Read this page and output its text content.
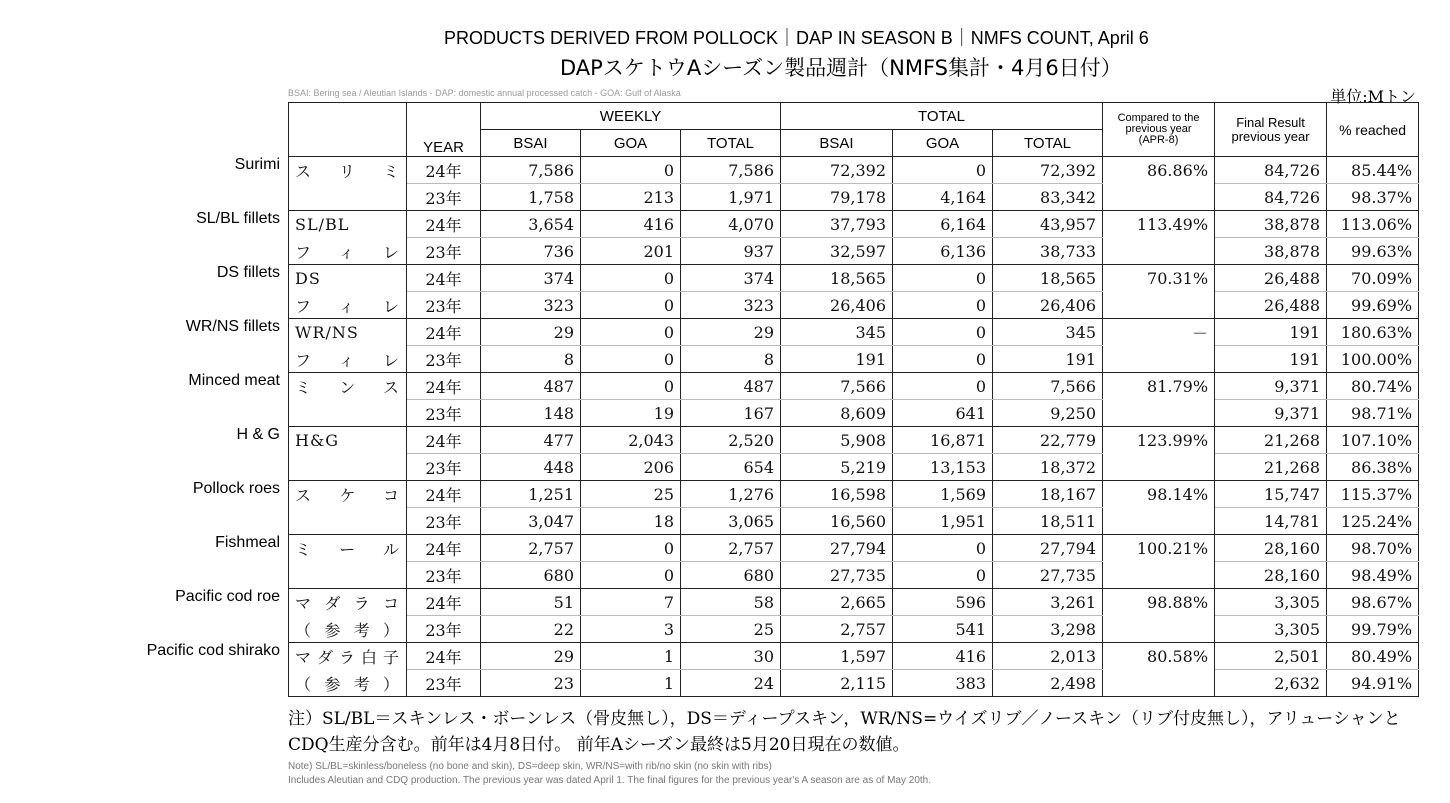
PRODUCTS DERIVED FROM POLLOCK｜DAP IN SEASON B｜NMFS COUNT, April 6
DAPスケトウAシーズン製品週計（NMFS集計・4月6日付）
BSAI: Bering sea / Aleutian Islands - DAP: domestic annual processed catch - GOA: Gulf of Alaska	単位:Mトン
Surimi
SL/BL fillets
DS fillets
WR/NS fillets
Minced meat
H & G
Pollock roes
Fishmeal
Pacific cod roe
Pacific cod shirako
	YEAR	WEEKLY			TOTAL			Compared to the previous year (APR-8)	Final Result previous year	% reached
		BSAI	GOA	TOTAL	BSAI	GOA	TOTAL			
スリミ	24年	7,586	0	7,586	72,392	0	72,392	86.86%	84,726	85.44%
	23年	1,758	213	1,971	79,178	4,164	83,342		84,726	98.37%
SL/BL	24年	3,654	416	4,070	37,793	6,164	43,957	113.49%	38,878	113.06%
フィレ	23年	736	201	937	32,597	6,136	38,733		38,878	99.63%
DS	24年	374	0	374	18,565	0	18,565	70.31%	26,488	70.09%
フィレ	23年	323	0	323	26,406	0	26,406		26,488	99.69%
WR/NS	24年	29	0	29	345	0	345	－	191	180.63%
フィレ	23年	8	0	8	191	0	191		191	100.00%
ミンス	24年	487	0	487	7,566	0	7,566	81.79%	9,371	80.74%
	23年	148	19	167	8,609	641	9,250		9,371	98.71%
H&G	24年	477	2,043	2,520	5,908	16,871	22,779	123.99%	21,268	107.10%
	23年	448	206	654	5,219	13,153	18,372		21,268	86.38%
スケコ	24年	1,251	25	1,276	16,598	1,569	18,167	98.14%	15,747	115.37%
	23年	3,047	18	3,065	16,560	1,951	18,511		14,781	125.24%
ミール	24年	2,757	0	2,757	27,794	0	27,794	100.21%	28,160	98.70%
	23年	680	0	680	27,735	0	27,735		28,160	98.49%
マダラコ	24年	51	7	58	2,665	596	3,261	98.88%	3,305	98.67%
（参考）	23年	22	3	25	2,757	541	3,298		3,305	99.79%
マダラ白子	24年	29	1	30	1,597	416	2,013	80.58%	2,501	80.49%
（参考）	23年	23	1	24	2,115	383	2,498		2,632	94.91%
注）SL/BL＝スキンレス・ボーンレス（骨皮無し），DS＝ディープスキン，WR/NS=ウイズリブ／ノースキン（リブ付皮無し），アリューシャンとCDQ生産分含む。前年は4月8日付。 前年Aシーズン最終は5月20日現在の数値。
Note) SL/BL=skinless/boneless (no bone and skin), DS=deep skin, WR/NS=with rib/no skin (no skin with ribs)
Includes Aleutian and CDQ production. The previous year was dated April 1. The final figures for the previous year's A season are as of May 20th.
